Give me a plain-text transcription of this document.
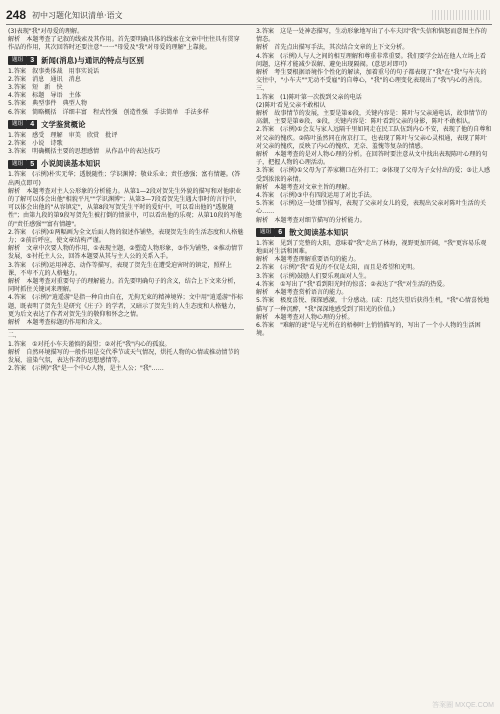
248 初中习题化知识清单·语文

(3)表现"我"对母爱的理解。

解析　本题考查了记叙的线索及其作用。首先要明确具体的线索在文章中往往具有贯穿作品的作用，其次回答时还要注意"一一"母爱及"我"对母爱的理解"上靠拢。

题组	3 新闻(消息)与通讯的特点与区别

1.答案　叙事类体裁　用事实说话

2.答案　消息　通讯　消息

3.答案　短　新　快

4.答案　标题　导语　主体

5.答案　典型事件　典型人物

6.答案　简略概括　详细丰富　程式性强　创造性强　手法简单　手法多样

题组	4 文学鉴赏概论

1.答案　感受　理解　审美　欣赏　批评

2.答案　小说　诗歌

3.答案　明确概括主要的思想感情　从作品中的表达技巧

题组	5 小说阅读基本知识

1.答案　(示例)朴实无华；透脱随性；学识渊博；敬业乐业；责任感强；富有情趣。(答出两点即可)

解析　本题考查对主人公形象的分析能力。从第1—2段对贺先生外貌的描写和对他职业的了解可以体会出他"相貌平凡""学识渊博"；从第3—7段看贺先生遇大事时的言行中，可以体会出他的"从容镇定"，从第8段写贺先生平时的爱好中，可以看出他的"透脱随性"；由第九段的第9段写贺先生被打倒的情景中，可以看出他的乐观；从第10段的写他的"责任感强""富有情趣"。

2.答案　(示例)①两幅画为全文后面人物的叙述作铺垫，表现贺先生的生活态度和人格魅力；②前后呼应，使文章结构严谨。

解析　文章中次要人物的作用，①表现主题，②塑造人物形象，③作为铺垫，④推动情节发展，⑤衬托主人公，回答本题要从其与主人公的关系入手。

3.答案　(示例)运用神态、动作等描写，表现了贺先生在遭受迫害时的镇定，照样上课，不卑不亢的人格魅力。

解析　本题考查对重要句子的理解能力。首先要明确句子的含义，结合上下文来分析，同时抓住关键词来理解。

4.答案　(示例)"逍遥游"是指一种自由自在，无拘无束的精神境界；文中用"逍遥游"作标题，既表明了贺先生是研究《庄子》的学者，又暗示了贺先生的人生态度和人格魅力，更为后文表达了作者对贺先生的敬仰和怀念之情。

解析　本题考查标题的作用和含义。

二、

1.答案　①对托小车夫谨慎的渴望；②对托"我"内心的孤寂。

解析　自然环境描写的一般作用是交代季节或天气情况，烘托人物的心情或推动情节的发展，渲染气氛，表达作者的思想感情等。

2.答案　(示例)"我"是一个中心人物，是主人公；"我"……

3.答案　这是一处神态描写，生动形象地写出了小车夫因"我"失信和恼怒而意图主作的情态。

解析　首先点出描写手法，其次结合文章的上下文分析。

4.答案　(示例)人与人之间的相互理解和尊重非常重要。我们要学会站在他人立场上看问题，这样才能减少误解、避免出现隔阂。(意思对即可)

解析　考生要根据语境作个性化的解读，加着重号的句子都表现了"我"在"我"与车夫的交往中，"小车夫""无动不受雇"的自尊心，"我"的心理变化表现出了"我"内心的善良。

三、

1.答案　(1)陈叶第一次拨到父亲的电话

(2)陈叶看见父亲不敢相认

解析　故事情节的发展，主要是第⑥段，关键内容是：陈叶与父亲通电话，故事情节的高潮，主要是第⑧段、⑨段，关键内容是：陈叶看到父亲的身影，陈叶不敢相认。

2.答案　(示例)①会友与家人远隔千里如同走在民工队伍到内心不安，表现了他的自尊和对父亲的愧疚。②陈叶虽然同在南京打工，也表现了陈叶与父亲心灵相通，表现了陈叶对父亲的愧疚，反映了内心的愧疚、无奈、羞愧等复杂的情感。

解析　本题考查的是对人物心理的分析。在回答时要注意从文中找出表现陈叶心理的句子，把握人物的心理活动。

3.答案　(示例)①父母为了养家糊口在外打工；②体现了父母为子女付出的爱；③让人感受到浓浓的亲情。

解析　本题考查对文章主旨的理解。

4.答案　(示例)③中有四段运用了对比手法。

5.答案　(示例)这一处细节描写，表现了父亲对女儿的爱，表现出父亲对陈叶生活的关心……

解析　本题考查对细节描写的分析能力。

题组	6 散文阅读基本知识

1.答案　见到了完整的大阳，意味着"我"走出了林海，视野更加开阔，"我"更容易乐观地面对生活和困难。

解析　本题考查理解重要语句的能力。

2.答案　(示例)"我"看见的不仅是太阳，而且是希望和光明。

3.答案　(示例)鼓励人们要乐观面对人生。

4.答案　①写出了"我"看到阳光时的惊喜；②表达了"我"对生活的热爱。

解析　本题考查赏析语言的能力。

5.答案　极度喜悦、探探感激，十分感动。(或：几经失望后获得生机，"我"心情喜悦地描写了一种沉醉，"我"深深地感受到了阳光的价值。)

解析　本题考查对人物心理的分析。

6.答案　"难解的谜"是与光所在的梧桐叶上悄悄描写的，写出了一个小人物的生活困境。

答案圈 MXQE.COM
